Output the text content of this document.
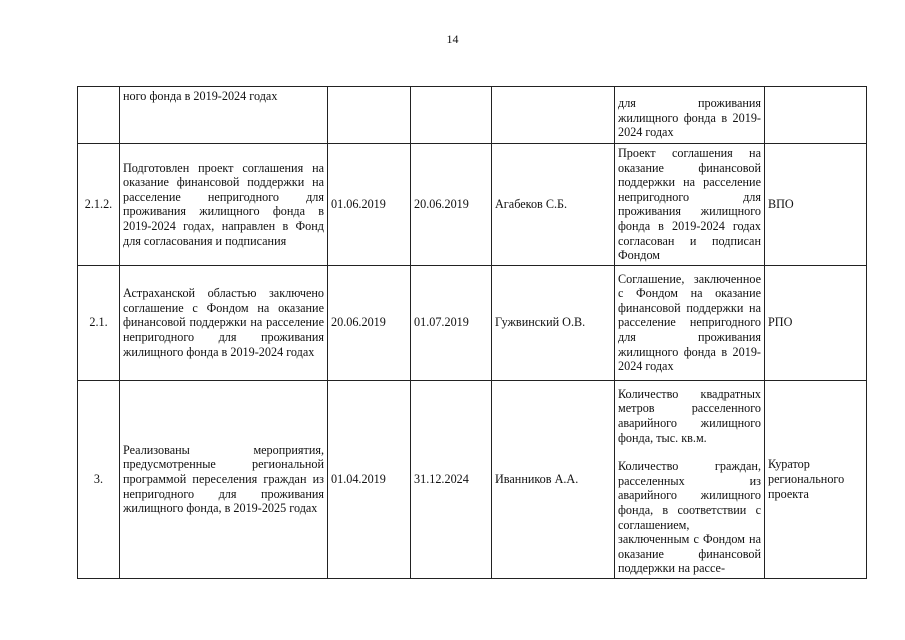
14
	ного фонда в 2019-2024 годах				для проживания жилищного фонда в 2019-2024 годах	

2.1.2.	Подготовлен проект соглашения на оказание финансовой поддержки на расселение непригодного для проживания жилищного фонда в 2019-2024 годах, направлен в Фонд для согласования и подписания	01.06.2019	20.06.2019	Агабеков С.Б.	Проект соглашения на оказание финансовой поддержки на расселение непригодного для проживания жилищного фонда в 2019-2024 годах согласован и подписан Фондом	ВПО
2.1.	Астраханской областью заключено соглашение с Фондом на оказание финансовой поддержки на расселение непригодного для проживания жилищного фонда в 2019-2024 годах	20.06.2019	01.07.2019	Гужвинский О.В.	Соглашение, заключенное с Фондом на оказание финансовой поддержки на расселение непригодного для проживания жилищного фонда в 2019-2024 годах	РПО
3.	Реализованы мероприятия, предусмотренные региональной программой переселения граждан из непригодного для проживания жилищного фонда, в 2019-2025 годах	01.04.2019	31.12.2024	Иванников А.А.	Количество квадратных метров расселенного аварийного жилищного фонда, тыс. кв.м.
Количество граждан, расселенных из аварийного жилищного фонда, в соответствии с соглашением, заключенным с Фондом на оказание финансовой поддержки на рассе-	Куратор регионального проекта
